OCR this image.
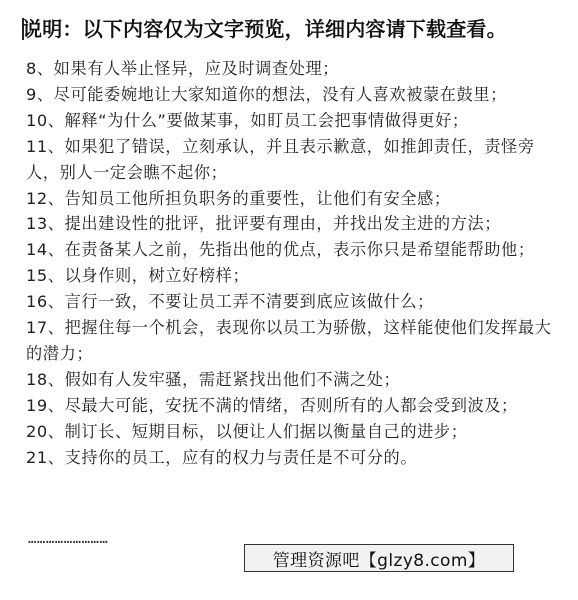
说明：以下内容仅为文字预览，详细内容请下载查看。
8、如果有人举止怪异，应及时调查处理；
9、尽可能委婉地让大家知道你的想法，没有人喜欢被蒙在鼓里；
10、解释“为什么”要做某事，如盯员工会把事情做得更好；
11、如果犯了错误，立刻承认，并且表示歉意，如推卸责任，责怪旁人，别人一定会瞧不起你；
12、告知员工他所担负职务的重要性，让他们有安全感；
13、提出建设性的批评，批评要有理由，并找出发主进的方法；
14、在责备某人之前，先指出他的优点，表示你只是希望能帮助他；
15、以身作则，树立好榜样；
16、言行一致，不要让员工弄不清要到底应该做什么；
17、把握住每一个机会，表现你以员工为骄傲，这样能使他们发挥最大的潜力；
18、假如有人发牢骚，需赶紧找出他们不满之处；
19、尽最大可能，安抚不满的情绪，否则所有的人都会受到波及；
20、制订长、短期目标，以便让人们据以衡量自己的进步；
21、支持你的员工，应有的权力与责任是不可分的。
………………………
管理资源吧【glzy8.com】
